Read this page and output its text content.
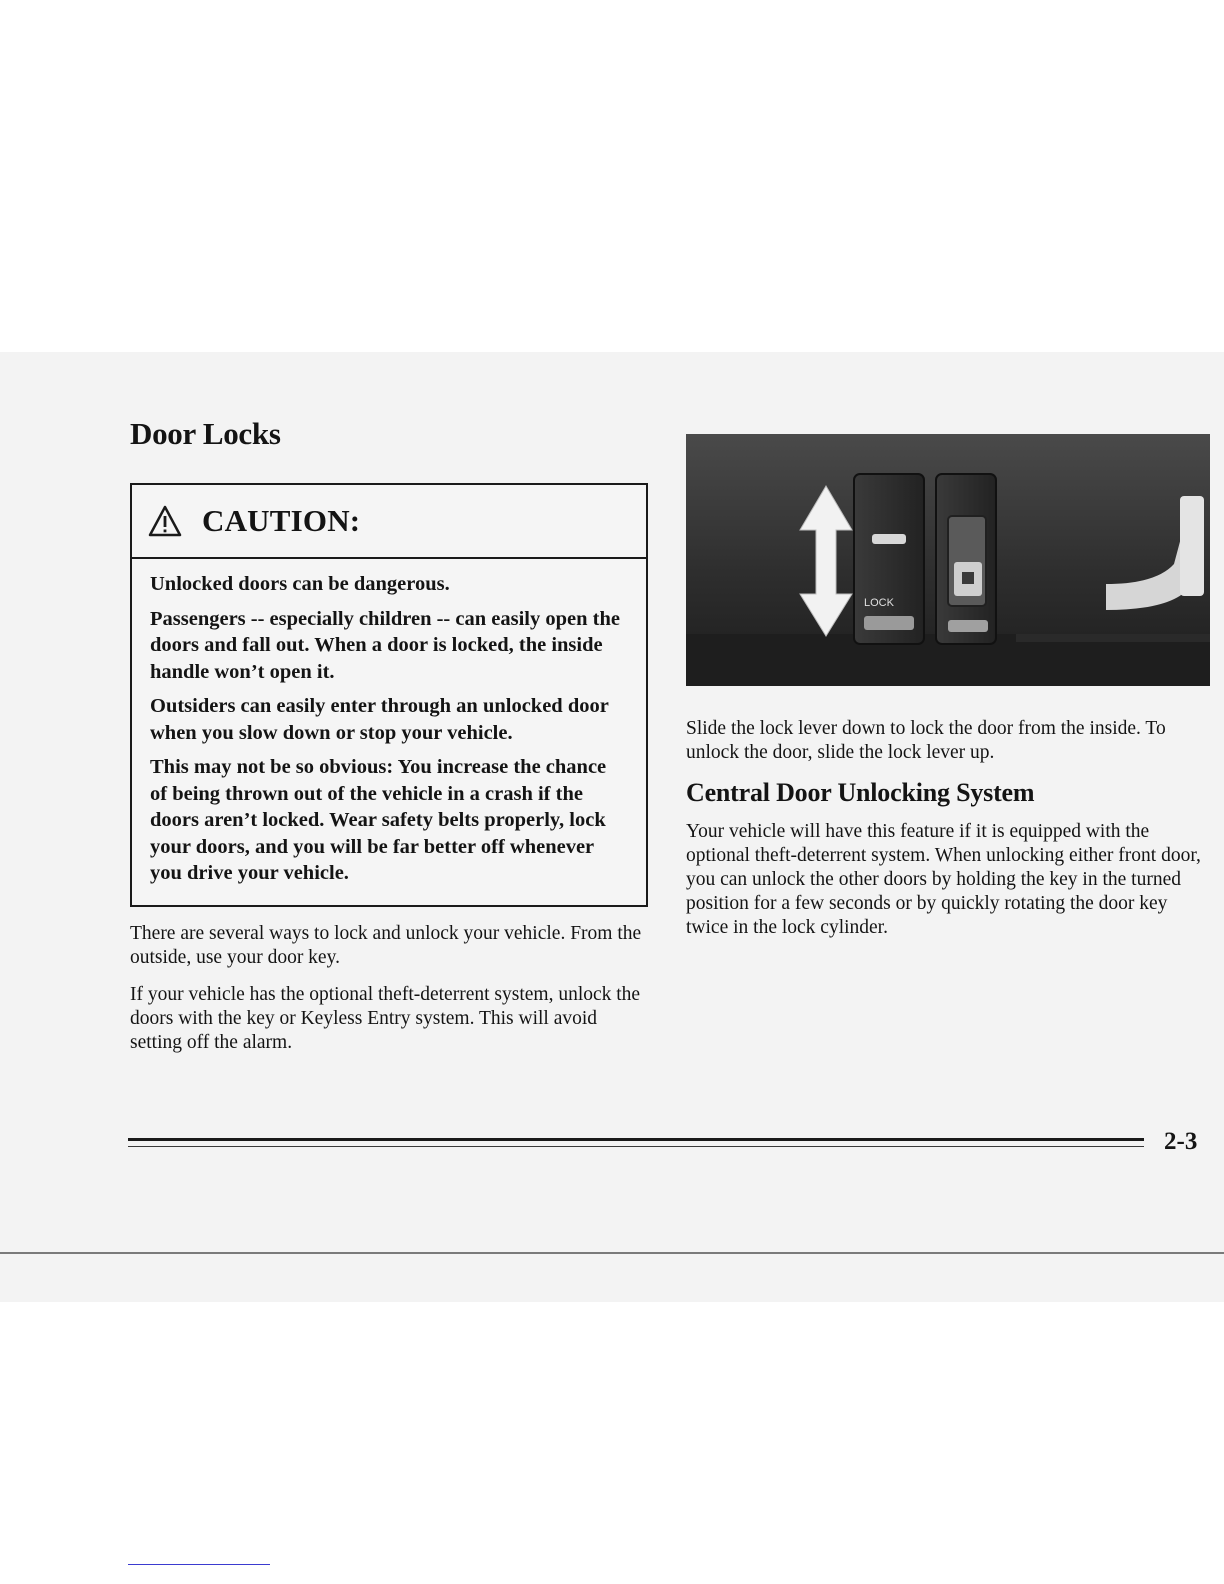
Door Locks
CAUTION:

Unlocked doors can be dangerous.

Passengers -- especially children -- can easily open the doors and fall out. When a door is locked, the inside handle won’t open it.

Outsiders can easily enter through an unlocked door when you slow down or stop your vehicle.

This may not be so obvious: You increase the chance of being thrown out of the vehicle in a crash if the doors aren’t locked. Wear safety belts properly, lock your doors, and you will be far better off whenever you drive your vehicle.

There are several ways to lock and unlock your vehicle. From the outside, use your door key.

If your vehicle has the optional theft-deterrent system, unlock the doors with the key or Keyless Entry system. This will avoid setting off the alarm.

LOCK

Slide the lock lever down to lock the door from the inside. To unlock the door, slide the lock lever up.

Central Door Unlocking System

Your vehicle will have this feature if it is equipped with the optional theft-deterrent system. When unlocking either front door, you can unlock the other doors by holding the key in the turned position for a few seconds or by quickly rotating the door key twice in the lock cylinder.

2-3
